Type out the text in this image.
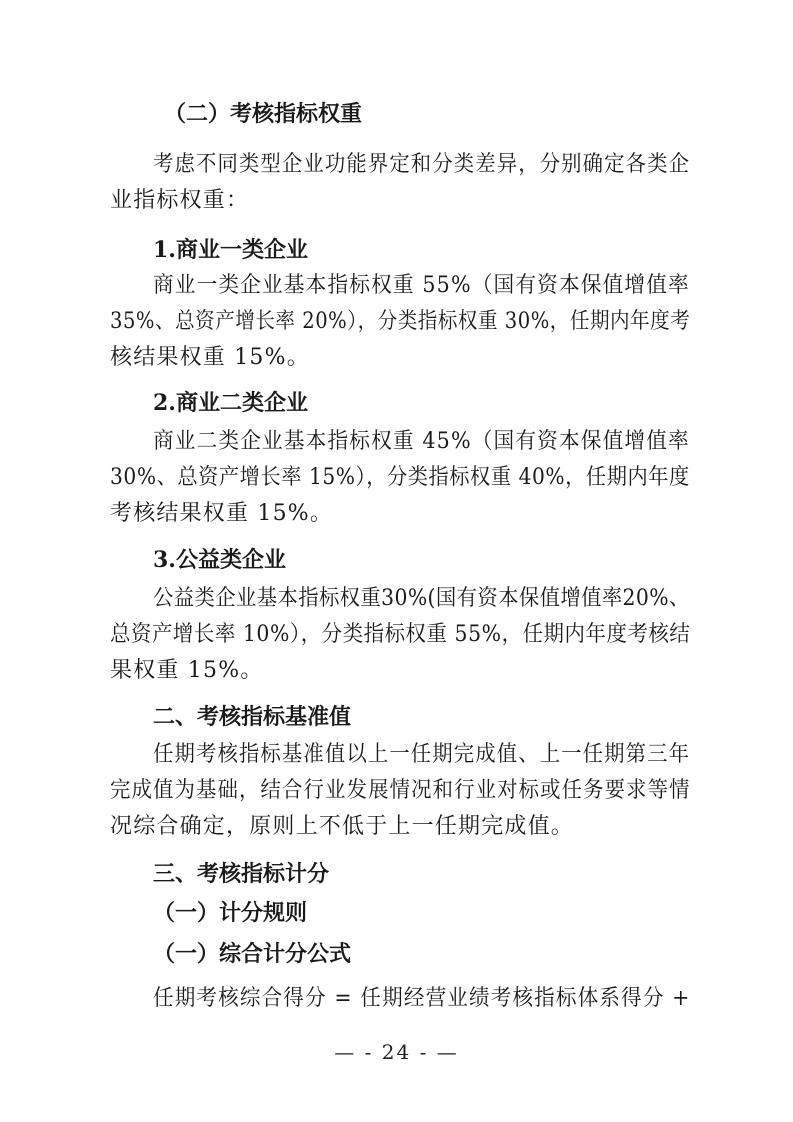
（二）考核指标权重
考虑不同类型企业功能界定和分类差异，分别确定各类企
业指标权重：
1.商业一类企业
商业一类企业基本指标权重 55%（国有资本保值增值率
35%、总资产增长率 20%），分类指标权重 30%，任期内年度考
核结果权重 15%。
2.商业二类企业
商业二类企业基本指标权重 45%（国有资本保值增值率
30%、总资产增长率 15%），分类指标权重 40%，任期内年度
考核结果权重 15%。
3.公益类企业
公益类企业基本指标权重30%(国有资本保值增值率20%、
总资产增长率 10%），分类指标权重 55%，任期内年度考核结
果权重 15%。
二、考核指标基准值
任期考核指标基准值以上一任期完成值、上一任期第三年
完成值为基础，结合行业发展情况和行业对标或任务要求等情
况综合确定，原则上不低于上一任期完成值。
三、考核指标计分
（一）计分规则
（一）综合计分公式
任期考核综合得分 = 任期经营业绩考核指标体系得分 +
— - 24 - —
